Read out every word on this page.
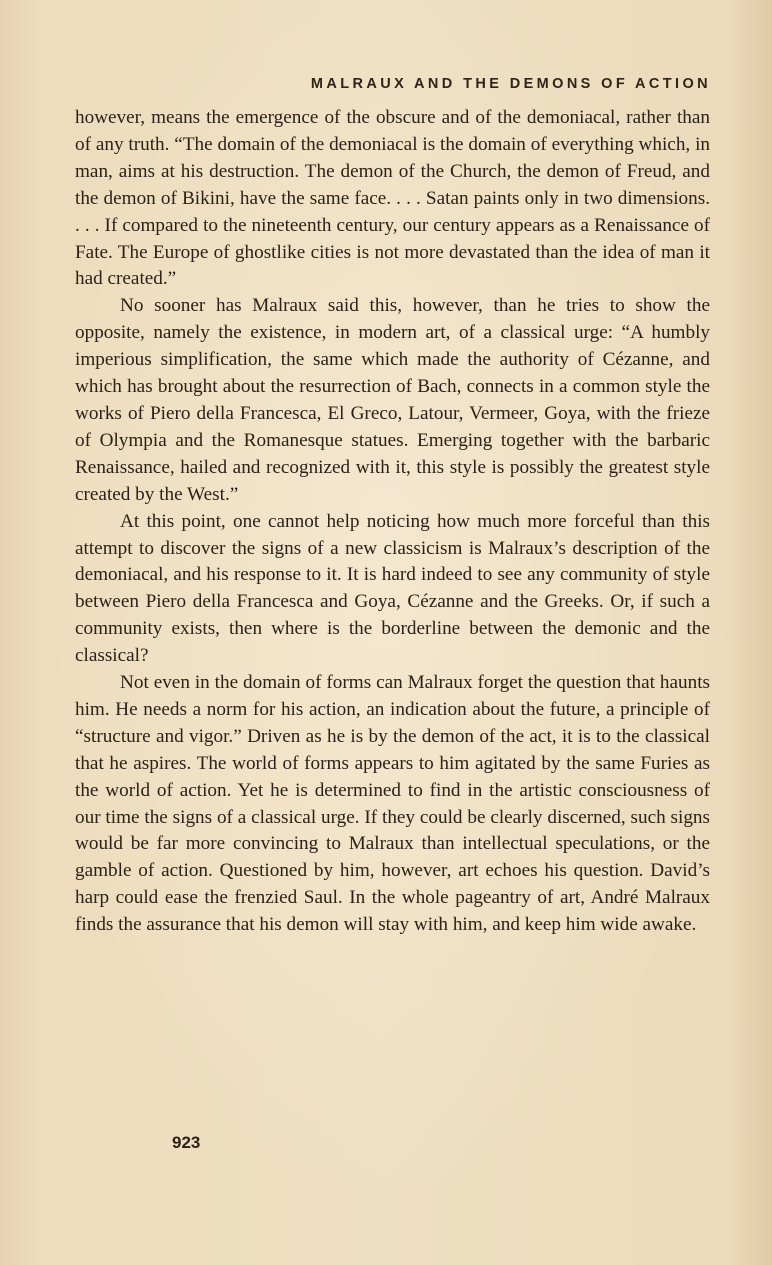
MALRAUX AND THE DEMONS OF ACTION

however, means the emergence of the obscure and of the demoniacal, rather than of any truth. “The domain of the demoniacal is the domain of everything which, in man, aims at his destruction. The demon of the Church, the demon of Freud, and the demon of Bikini, have the same face. . . . Satan paints only in two dimensions. . . . If compared to the nineteenth century, our century appears as a Renaissance of Fate. The Europe of ghostlike cities is not more devastated than the idea of man it had created.”

No sooner has Malraux said this, however, than he tries to show the opposite, namely the existence, in modern art, of a classical urge: “A humbly imperious simplification, the same which made the authority of Cézanne, and which has brought about the resurrection of Bach, connects in a common style the works of Piero della Francesca, El Greco, Latour, Vermeer, Goya, with the frieze of Olympia and the Romanesque statues. Emerging together with the barbaric Renaissance, hailed and recognized with it, this style is possibly the greatest style created by the West.”

At this point, one cannot help noticing how much more forceful than this attempt to discover the signs of a new classicism is Malraux’s description of the demoniacal, and his response to it. It is hard indeed to see any community of style between Piero della Francesca and Goya, Cézanne and the Greeks. Or, if such a community exists, then where is the borderline between the demonic and the classical?

Not even in the domain of forms can Malraux forget the question that haunts him. He needs a norm for his action, an indication about the future, a principle of “structure and vigor.” Driven as he is by the demon of the act, it is to the classical that he aspires. The world of forms appears to him agitated by the same Furies as the world of action. Yet he is determined to find in the artistic consciousness of our time the signs of a classical urge. If they could be clearly discerned, such signs would be far more convincing to Malraux than intellectual speculations, or the gamble of action. Questioned by him, however, art echoes his question. David’s harp could ease the frenzied Saul. In the whole pageantry of art, André Malraux finds the assurance that his demon will stay with him, and keep him wide awake.

923
